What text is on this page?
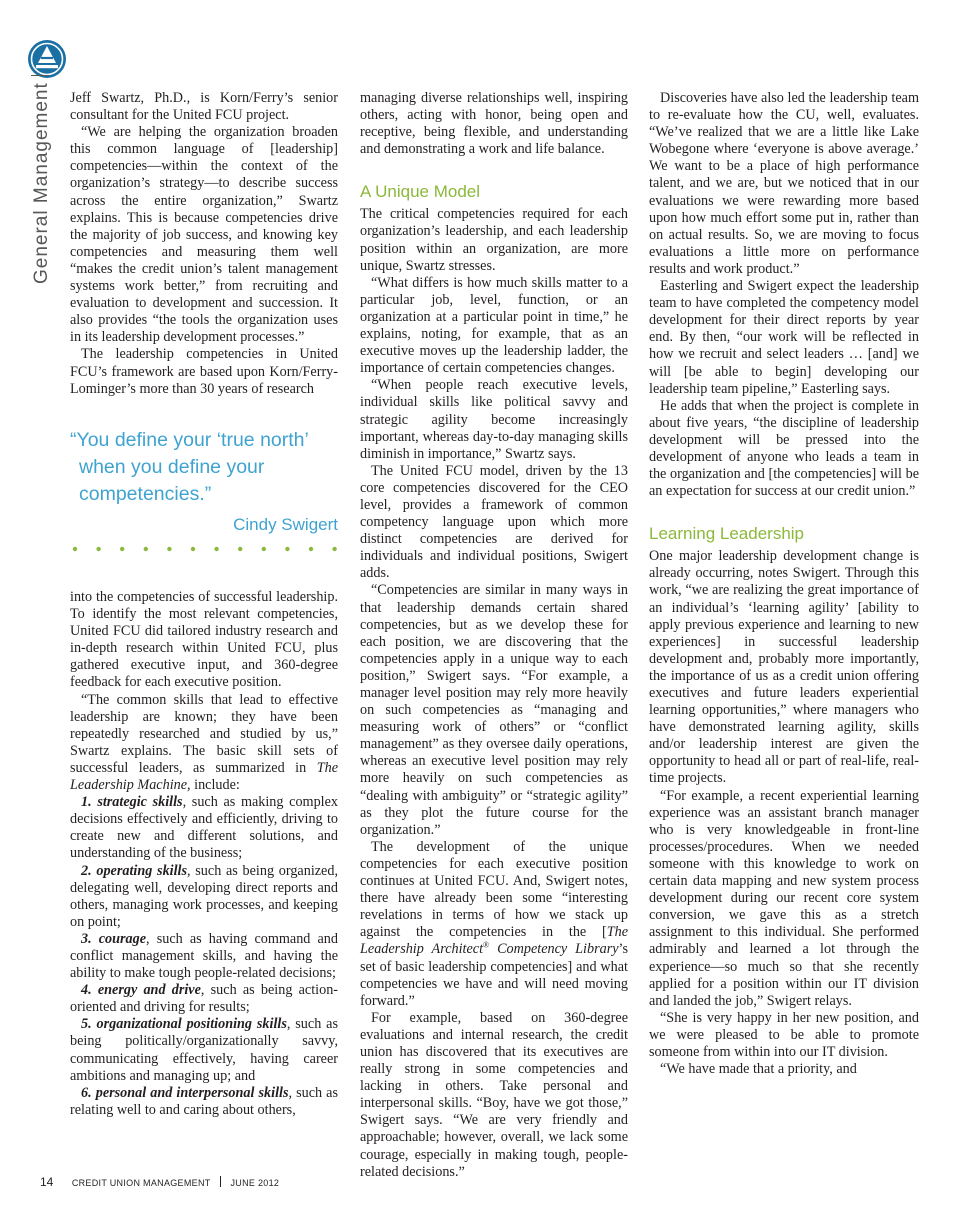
General Management Jeff Swartz, Ph.D., is Korn/Ferry’s senior consultant for the United FCU project.

“We are helping the organization broaden this common language of [leadership] competencies—within the context of the organization’s strategy—to describe success across the entire organization,” Swartz explains. This is because competencies drive the majority of job success, and knowing key competencies and measuring them well “makes the credit union’s talent management systems work better,” from recruiting and evaluation to development and succession. It also provides “the tools the organization uses in its leadership development processes.”

The leadership competencies in United FCU’s framework are based upon Korn/Ferry-Lominger’s more than 30 years of research

“You define your ‘true north’ when you define your competencies.”

Cindy Swigert

into the competencies of successful leadership. To identify the most relevant competencies, United FCU did tailored industry research and in-depth research within United FCU, plus gathered executive input, and 360-degree feedback for each executive position.

“The common skills that lead to effective leadership are known; they have been repeatedly researched and studied by us,” Swartz explains. The basic skill sets of successful leaders, as summarized in The Leadership Machine, include:

1. strategic skills, such as making complex decisions effectively and efficiently, driving to create new and different solutions, and understanding of the business;

2. operating skills, such as being organized, delegating well, developing direct reports and others, managing work processes, and keeping on point;

3. courage, such as having command and conflict management skills, and having the ability to make tough people-related decisions;

4. energy and drive, such as being action-oriented and driving for results;

5. organizational positioning skills, such as being politically/organizationally savvy, communicating effectively, having career ambitions and managing up; and

6. personal and interpersonal skills, such as relating well to and caring about others,

managing diverse relationships well, inspiring others, acting with honor, being open and receptive, being flexible, and understanding and demonstrating a work and life balance.

A Unique Model

The critical competencies required for each organization’s leadership, and each leadership position within an organization, are more unique, Swartz stresses.

“What differs is how much skills matter to a particular job, level, function, or an organization at a particular point in time,” he explains, noting, for example, that as an executive moves up the leadership ladder, the importance of certain competencies changes.

“When people reach executive levels, individual skills like political savvy and strategic agility become increasingly important, whereas day-to-day managing skills diminish in importance,” Swartz says.

The United FCU model, driven by the 13 core competencies discovered for the CEO level, provides a framework of common competency language upon which more distinct competencies are derived for individuals and individual positions, Swigert adds.

“Competencies are similar in many ways in that leadership demands certain shared competencies, but as we develop these for each position, we are discovering that the competencies apply in a unique way to each position,” Swigert says. “For example, a manager level position may rely more heavily on such competencies as “managing and measuring work of others” or “conflict management” as they oversee daily operations, whereas an executive level position may rely more heavily on such competencies as “dealing with ambiguity” or “strategic agility” as they plot the future course for the organization.”

The development of the unique competencies for each executive position continues at United FCU. And, Swigert notes, there have already been some “interesting revelations in terms of how we stack up against the competencies in the [The Leadership Architect® Competency Library’s set of basic leadership competencies] and what competencies we have and will need moving forward.”

For example, based on 360-degree evaluations and internal research, the credit union has discovered that its executives are really strong in some competencies and lacking in others. Take personal and interpersonal skills. “Boy, have we got those,” Swigert says. “We are very friendly and approachable; however, overall, we lack some courage, especially in making tough, people-related decisions.”

Discoveries have also led the leadership team to re-evaluate how the CU, well, evaluates. “We’ve realized that we are a little like Lake Wobegone where ‘everyone is above average.’ We want to be a place of high performance talent, and we are, but we noticed that in our evaluations we were rewarding more based upon how much effort some put in, rather than on actual results. So, we are moving to focus evaluations a little more on performance results and work product.”

Easterling and Swigert expect the leadership team to have completed the competency model development for their direct reports by year end. By then, “our work will be reflected in how we recruit and select leaders … [and] we will [be able to begin] developing our leadership team pipeline,” Easterling says.

He adds that when the project is complete in about five years, “the discipline of leadership development will be pressed into the development of anyone who leads a team in the organization and [the competencies] will be an expectation for success at our credit union.”

Learning Leadership

One major leadership development change is already occurring, notes Swigert. Through this work, “we are realizing the great importance of an individual’s ‘learning agility’ [ability to apply previous experience and learning to new experiences] in successful leadership development and, probably more importantly, the importance of us as a credit union offering executives and future leaders experiential learning opportunities,” where managers who have demonstrated learning agility, skills and/or leadership interest are given the opportunity to head all or part of real-life, real-time projects.

“For example, a recent experiential learning experience was an assistant branch manager who is very knowledgeable in front-line processes/procedures. When we needed someone with this knowledge to work on certain data mapping and new system process development during our recent core system conversion, we gave this as a stretch assignment to this individual. She performed admirably and learned a lot through the experience—so much so that she recently applied for a position within our IT division and landed the job,” Swigert relays.

“She is very happy in her new position, and we were pleased to be able to promote someone from within into our IT division.

“We have made that a priority, and

14 CREDIT UNION MANAGEMENT JUNE 2012
